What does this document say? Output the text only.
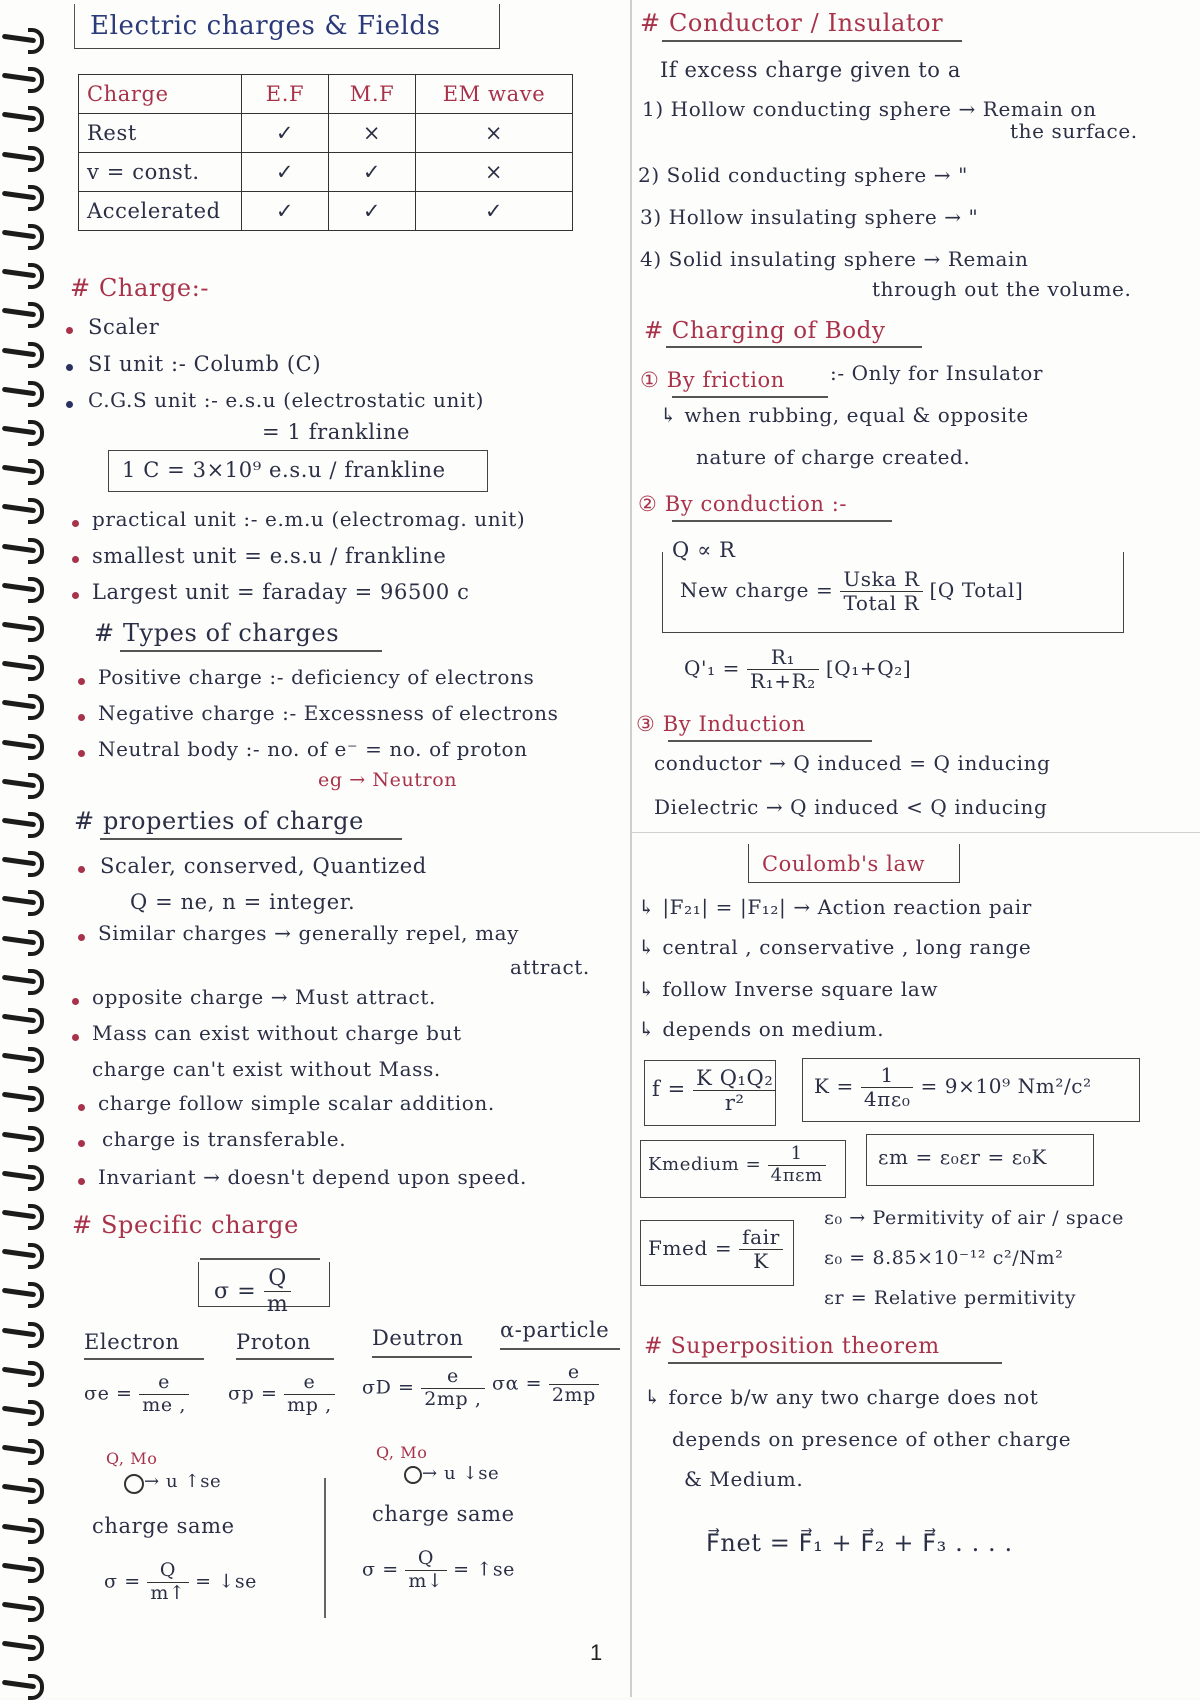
Electric charges & Fields
Charge	E.F	M.F	EM wave
Rest	✓	×	×
v = const.	✓	✓	×
Accelerated	✓	✓	✓
# Charge:-
Scaler
SI unit :- Columb (C)
C.G.S unit :- e.s.u (electrostatic unit)
= 1 frankline
1 C = 3×10⁹ e.s.u / frankline
practical unit :- e.m.u (electromag. unit)
smallest unit = e.s.u / frankline
Largest unit = faraday = 96500 c
# Types of charges
Positive charge :- deficiency of electrons
Negative charge :- Excessness of electrons
Neutral body :- no. of e⁻ = no. of proton
eg → Neutron
# properties of charge
Scaler, conserved, Quantized
Q = ne, n = integer.
Similar charges → generally repel, may
attract.
opposite charge → Must attract.
Mass can exist without charge but
charge can't exist without Mass.
charge follow simple scalar addition.
charge is transferable.
Invariant → doesn't depend upon speed.
# Specific charge
$\sigma = \frac{Q}{m}$
Electron	Proton	Deutron α-particle
$\sigma e = \frac{e}{me ,}$ $\sigma p = \frac{e}{mp ,}$ $\sigma D = \frac{e}{2mp ,}$ $\sigma\alpha = \frac{e}{2mp}$
Q, Mo
→ u ↑se
charge same
$\sigma = \frac{Q}{m↑}$ = ↓se
Q, Mo
→ u ↓se
charge same
$\sigma = \frac{Q}{m↓}$ = ↑se
# Conductor / Insulator
If excess charge given to a
1) Hollow conducting sphere → Remain on
the surface.
2) Solid conducting sphere → "
3) Hollow insulating sphere → "
4) Solid insulating sphere → Remain
through out the volume.
# Charging of Body
① By friction :- Only for Insulator
↳ when rubbing, equal & opposite
nature of charge created.
② By conduction :-
Q ∝ R
New charge = Uska R
Total R
[Q Total]
$Q'_1 = \frac{\text{R₁}}{\text{R₁+R₂}} [Q_1+Q_2]$
③ By Induction
conductor → Q induced = Q inducing
Dielectric → Q induced < Q inducing
Coulomb's law
↳ |F₂₁| = |F₁₂| → Action reaction pair
↳ central , conservative , long range
↳ follow Inverse square law
↳ depends on medium.
$f = \frac{\text{K Q₁Q₂}}{\text{r²}}$ $K = \frac{1}{\text{4πε₀}} = 9\times 10^9$ Nm²/c²
Kmedium =
1
4πεm
εm = ε₀εr = ε₀K
Fmed = fair
K
ε₀ → Permitivity of air / space
ε₀ = 8.85×10⁻¹² c²/Nm²
εr = Relative permitivity
# Superposition theorem
↳ force b/w any two charge does not
depends on presence of other charge
& Medium.
F⃗net = F⃗₁ + F⃗₂ + F⃗₃ . . . .
1
